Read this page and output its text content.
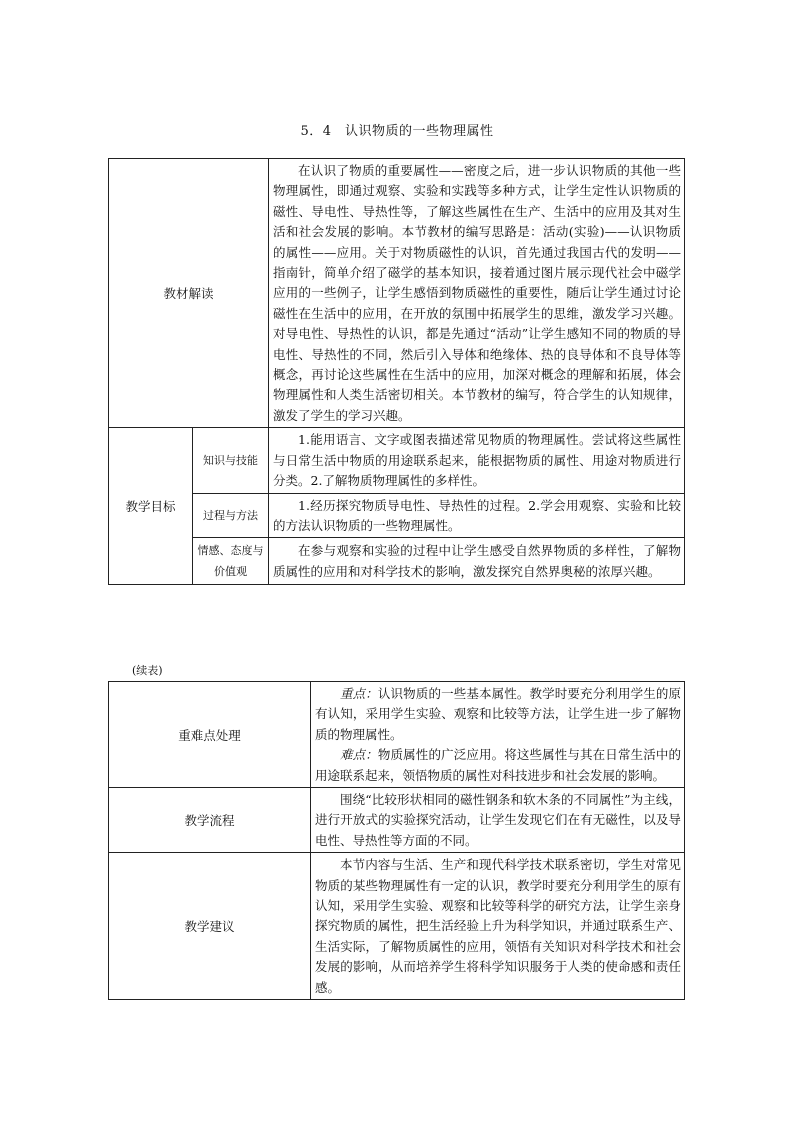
5．4　认识物质的一些物理属性
教材解读		在认识了物质的重要属性——密度之后，进一步认识物质的其他一些物理属性，即通过观察、实验和实践等多种方式，让学生定性认识物质的磁性、导电性、导热性等，了解这些属性在生产、生活中的应用及其对生活和社会发展的影响。本节教材的编写思路是：活动(实验)——认识物质的属性——应用。关于对物质磁性的认识，首先通过我国古代的发明——指南针，简单介绍了磁学的基本知识，接着通过图片展示现代社会中磁学应用的一些例子，让学生感悟到物质磁性的重要性，随后让学生通过讨论磁性在生活中的应用，在开放的氛围中拓展学生的思维，激发学习兴趣。对导电性、导热性的认识，都是先通过“活动”让学生感知不同的物质的导电性、导热性的不同，然后引入导体和绝缘体、热的良导体和不良导体等概念，再讨论这些属性在生活中的应用，加深对概念的理解和拓展，体会物理属性和人类生活密切相关。本节教材的编写，符合学生的认知规律，激发了学生的学习兴趣。

教学目标	知识与技能	1.能用语言、文字或图表描述常见物质的物理属性。尝试将这些属性与日常生活中物质的用途联系起来，能根据物质的属性、用途对物质进行分类。2.了解物质物理属性的多样性。

	过程与方法	1.经历探究物质导电性、导热性的过程。2.学会用观察、实验和比较的方法认识物质的一些物理属性。

	情感、态度与价值观	在参与观察和实验的过程中让学生感受自然界物质的多样性，了解物质属性的应用和对科学技术的影响，激发探究自然界奥秘的浓厚兴趣。

(续表)
重难点处理	重点：认识物质的一些基本属性。教学时要充分利用学生的原有认知，采用学生实验、观察和比较等方法，让学生进一步了解物质的物理属性。

难点：物质属性的广泛应用。将这些属性与其在日常生活中的用途联系起来，领悟物质的属性对科技进步和社会发展的影响。

教学流程	围绕“比较形状相同的磁性钢条和软木条的不同属性”为主线，进行开放式的实验探究活动，让学生发现它们在有无磁性，以及导电性、导热性等方面的不同。

教学建议	本节内容与生活、生产和现代科学技术联系密切，学生对常见物质的某些物理属性有一定的认识，教学时要充分利用学生的原有认知，采用学生实验、观察和比较等科学的研究方法，让学生亲身探究物质的属性，把生活经验上升为科学知识，并通过联系生产、生活实际，了解物质属性的应用，领悟有关知识对科学技术和社会发展的影响，从而培养学生将科学知识服务于人类的使命感和责任感。
